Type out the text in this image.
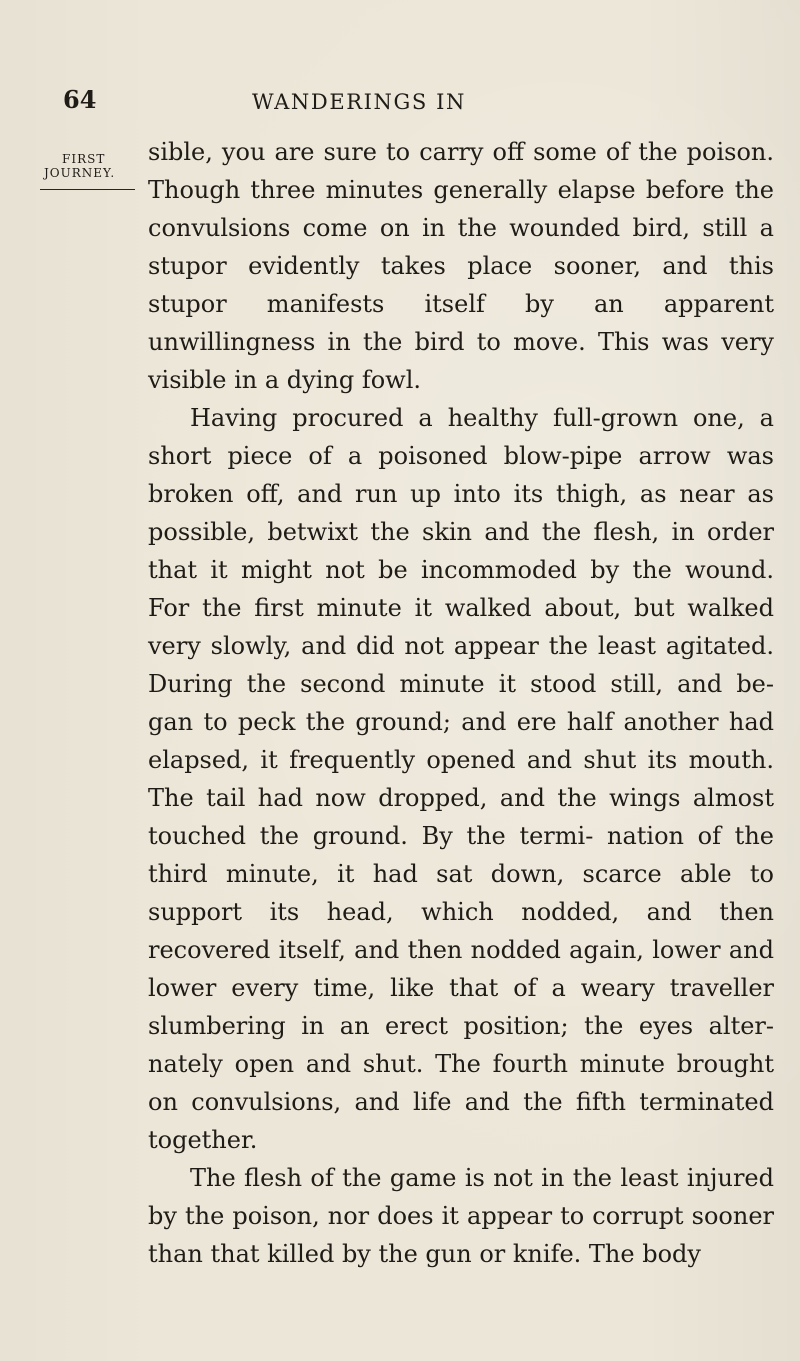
64	WANDERINGS IN
FIRST
JOURNEY.

sible, you are sure to carry off some of the poison. Though three minutes generally elapse before the convulsions come on in the wounded bird, still a stupor evidently takes place sooner, and this stupor manifests itself by an apparent unwillingness in the bird to move. This was very visible in a dying fowl.

Having procured a healthy full-grown one, a short piece of a poisoned blow-pipe arrow was broken off, and run up into its thigh, as near as possible, betwixt the skin and the flesh, in order that it might not be incommoded by the wound. For the first minute it walked about, but walked very slowly, and did not appear the least agitated. During the second minute it stood still, and be- gan to peck the ground; and ere half another had elapsed, it frequently opened and shut its mouth. The tail had now dropped, and the wings almost touched the ground. By the termi- nation of the third minute, it had sat down, scarce able to support its head, which nodded, and then recovered itself, and then nodded again, lower and lower every time, like that of a weary traveller slumbering in an erect position; the eyes alter- nately open and shut. The fourth minute brought on convulsions, and life and the fifth terminated together.

The flesh of the game is not in the least injured by the poison, nor does it appear to corrupt sooner than that killed by the gun or knife. The body
